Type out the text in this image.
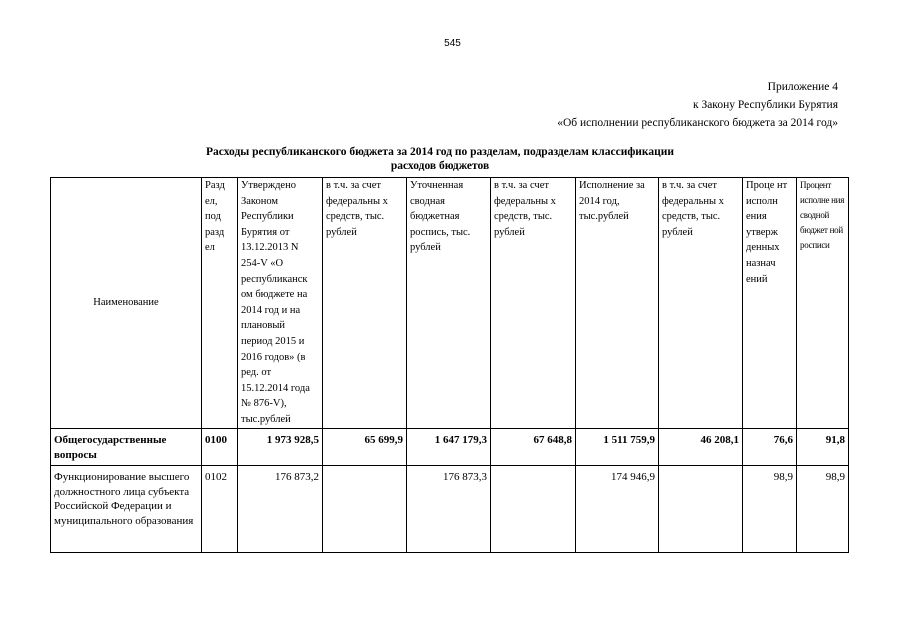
545
Приложение 4
к Закону Республики Бурятия
«Об исполнении республиканского бюджета за 2014 год»
Расходы республиканского бюджета за 2014 год по разделам, подразделам классификации
расходов бюджетов
Наименование	Разд ел, под разд ел	Утверждено Законом Республики Бурятия от 13.12.2013 N 254-V «О республиканск ом бюджете на 2014 год и на плановый период 2015 и 2016 годов» (в ред. от 15.12.2014 года № 876-V), тыс.рублей	в т.ч. за счет федеральны х средств, тыс. рублей	Уточненная сводная бюджетная роспись, тыс. рублей	в т.ч. за счет федеральны х средств, тыс. рублей	Исполнение за 2014 год, тыс.рублей	в т.ч. за счет федеральны х средств, тыс. рублей	Проце нт исполн ения утверж денных назнач ений	Процент исполне ния сводной бюджет ной росписи
Общегосударственные вопросы	0100	1 973 928,5	65 699,9	1 647 179,3	67 648,8	1 511 759,9	46 208,1	76,6	91,8
Функционирование высшего должностного лица субъекта Российской Федерации и муниципального образования	0102	176 873,2		176 873,3		174 946,9		98,9	98,9
